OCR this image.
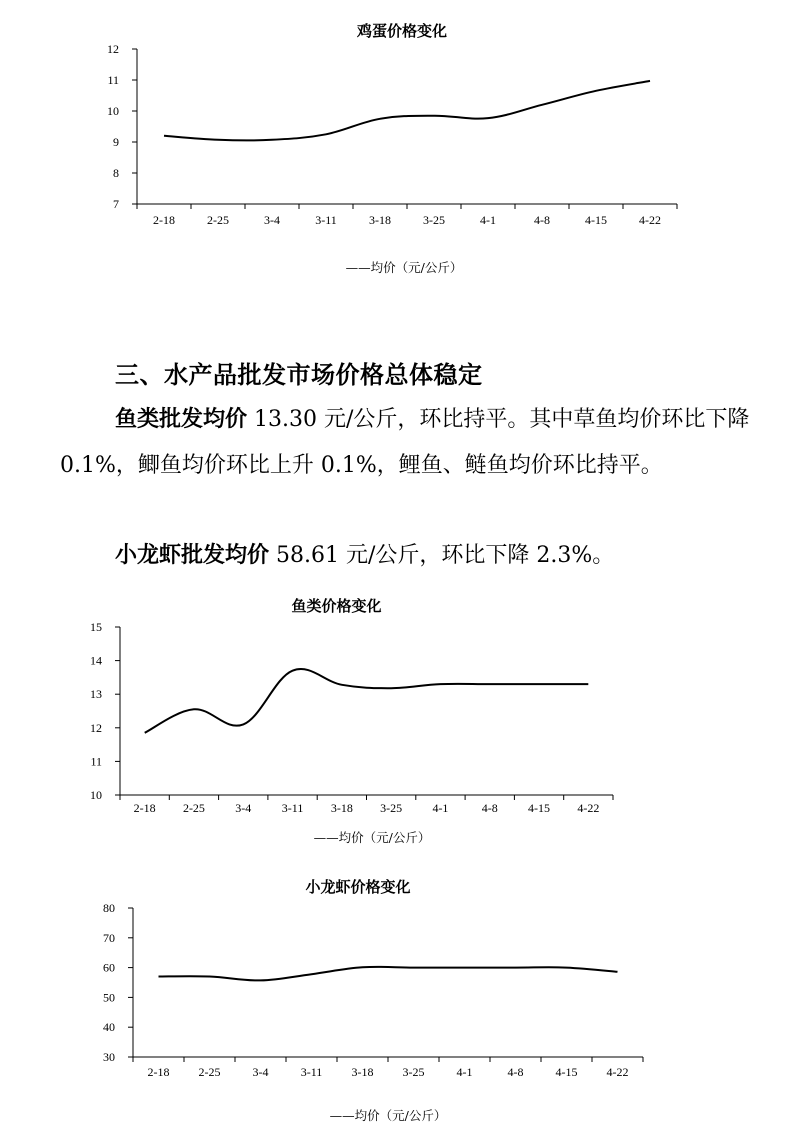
鸡蛋价格变化
7
8
9
10
11
12
2-18	2-25	3-4	3-11	3-18	3-25	4-1	4-8	4-15	4-22
——均价（元/公斤）
三、水产品批发市场价格总体稳定
鱼类批发均价 13.30 元/公斤，环比持平。其中草鱼均价环比下降 0.1%，鲫鱼均价环比上升 0.1%，鲤鱼、鲢鱼均价环比持平。
小龙虾批发均价 58.61 元/公斤，环比下降 2.3%。
鱼类价格变化
10
11
12
13
14
15
2-18 2-25	3-4	3-11 3-18 3-25	4-1	4-8	4-15 4-22
——均价（元/公斤）
小龙虾价格变化
30
40
50
60
70
80
2-18 2-25	3-4	3-11 3-18 3-25	4-1	4-8	4-15 4-22
——均价（元/公斤）
